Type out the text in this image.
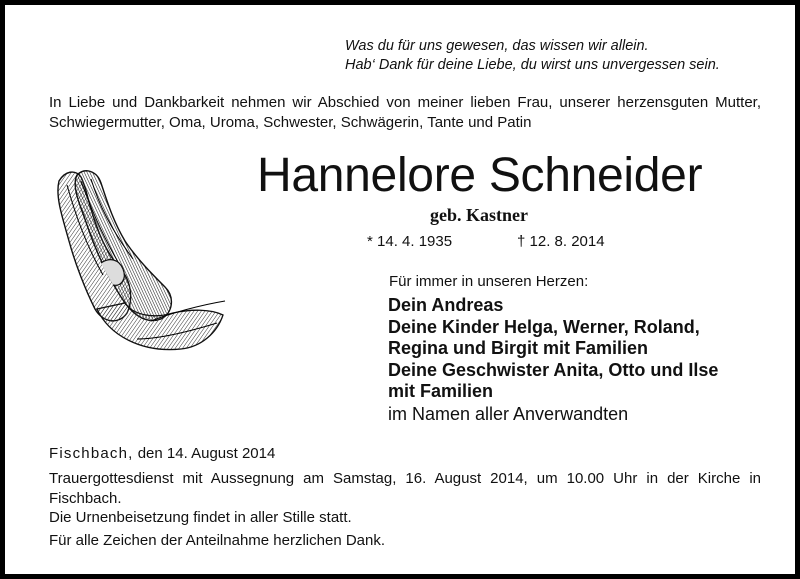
Was du für uns gewesen, das wissen wir allein.
Hab‘ Dank für deine Liebe, du wirst uns unvergessen sein.
In Liebe und Dankbarkeit nehmen wir Abschied von meiner lieben Frau, unserer herzensguten Mutter, Schwiegermutter, Oma, Uroma, Schwester, Schwägerin, Tante und Patin
Hannelore Schneider
geb. Kastner
* 14. 4. 1935	† 12. 8. 2014
Für immer in unseren Herzen:
Dein Andreas
Deine Kinder Helga, Werner, Roland,
Regina und Birgit mit Familien
Deine Geschwister Anita, Otto und Ilse
mit Familien
im Namen aller Anverwandten
Fischbach, den 14. August 2014
Trauergottesdienst mit Aussegnung am Samstag, 16. August 2014, um 10.00 Uhr in der Kirche in Fischbach.
Die Urnenbeisetzung findet in aller Stille statt.
Für alle Zeichen der Anteilnahme herzlichen Dank.
